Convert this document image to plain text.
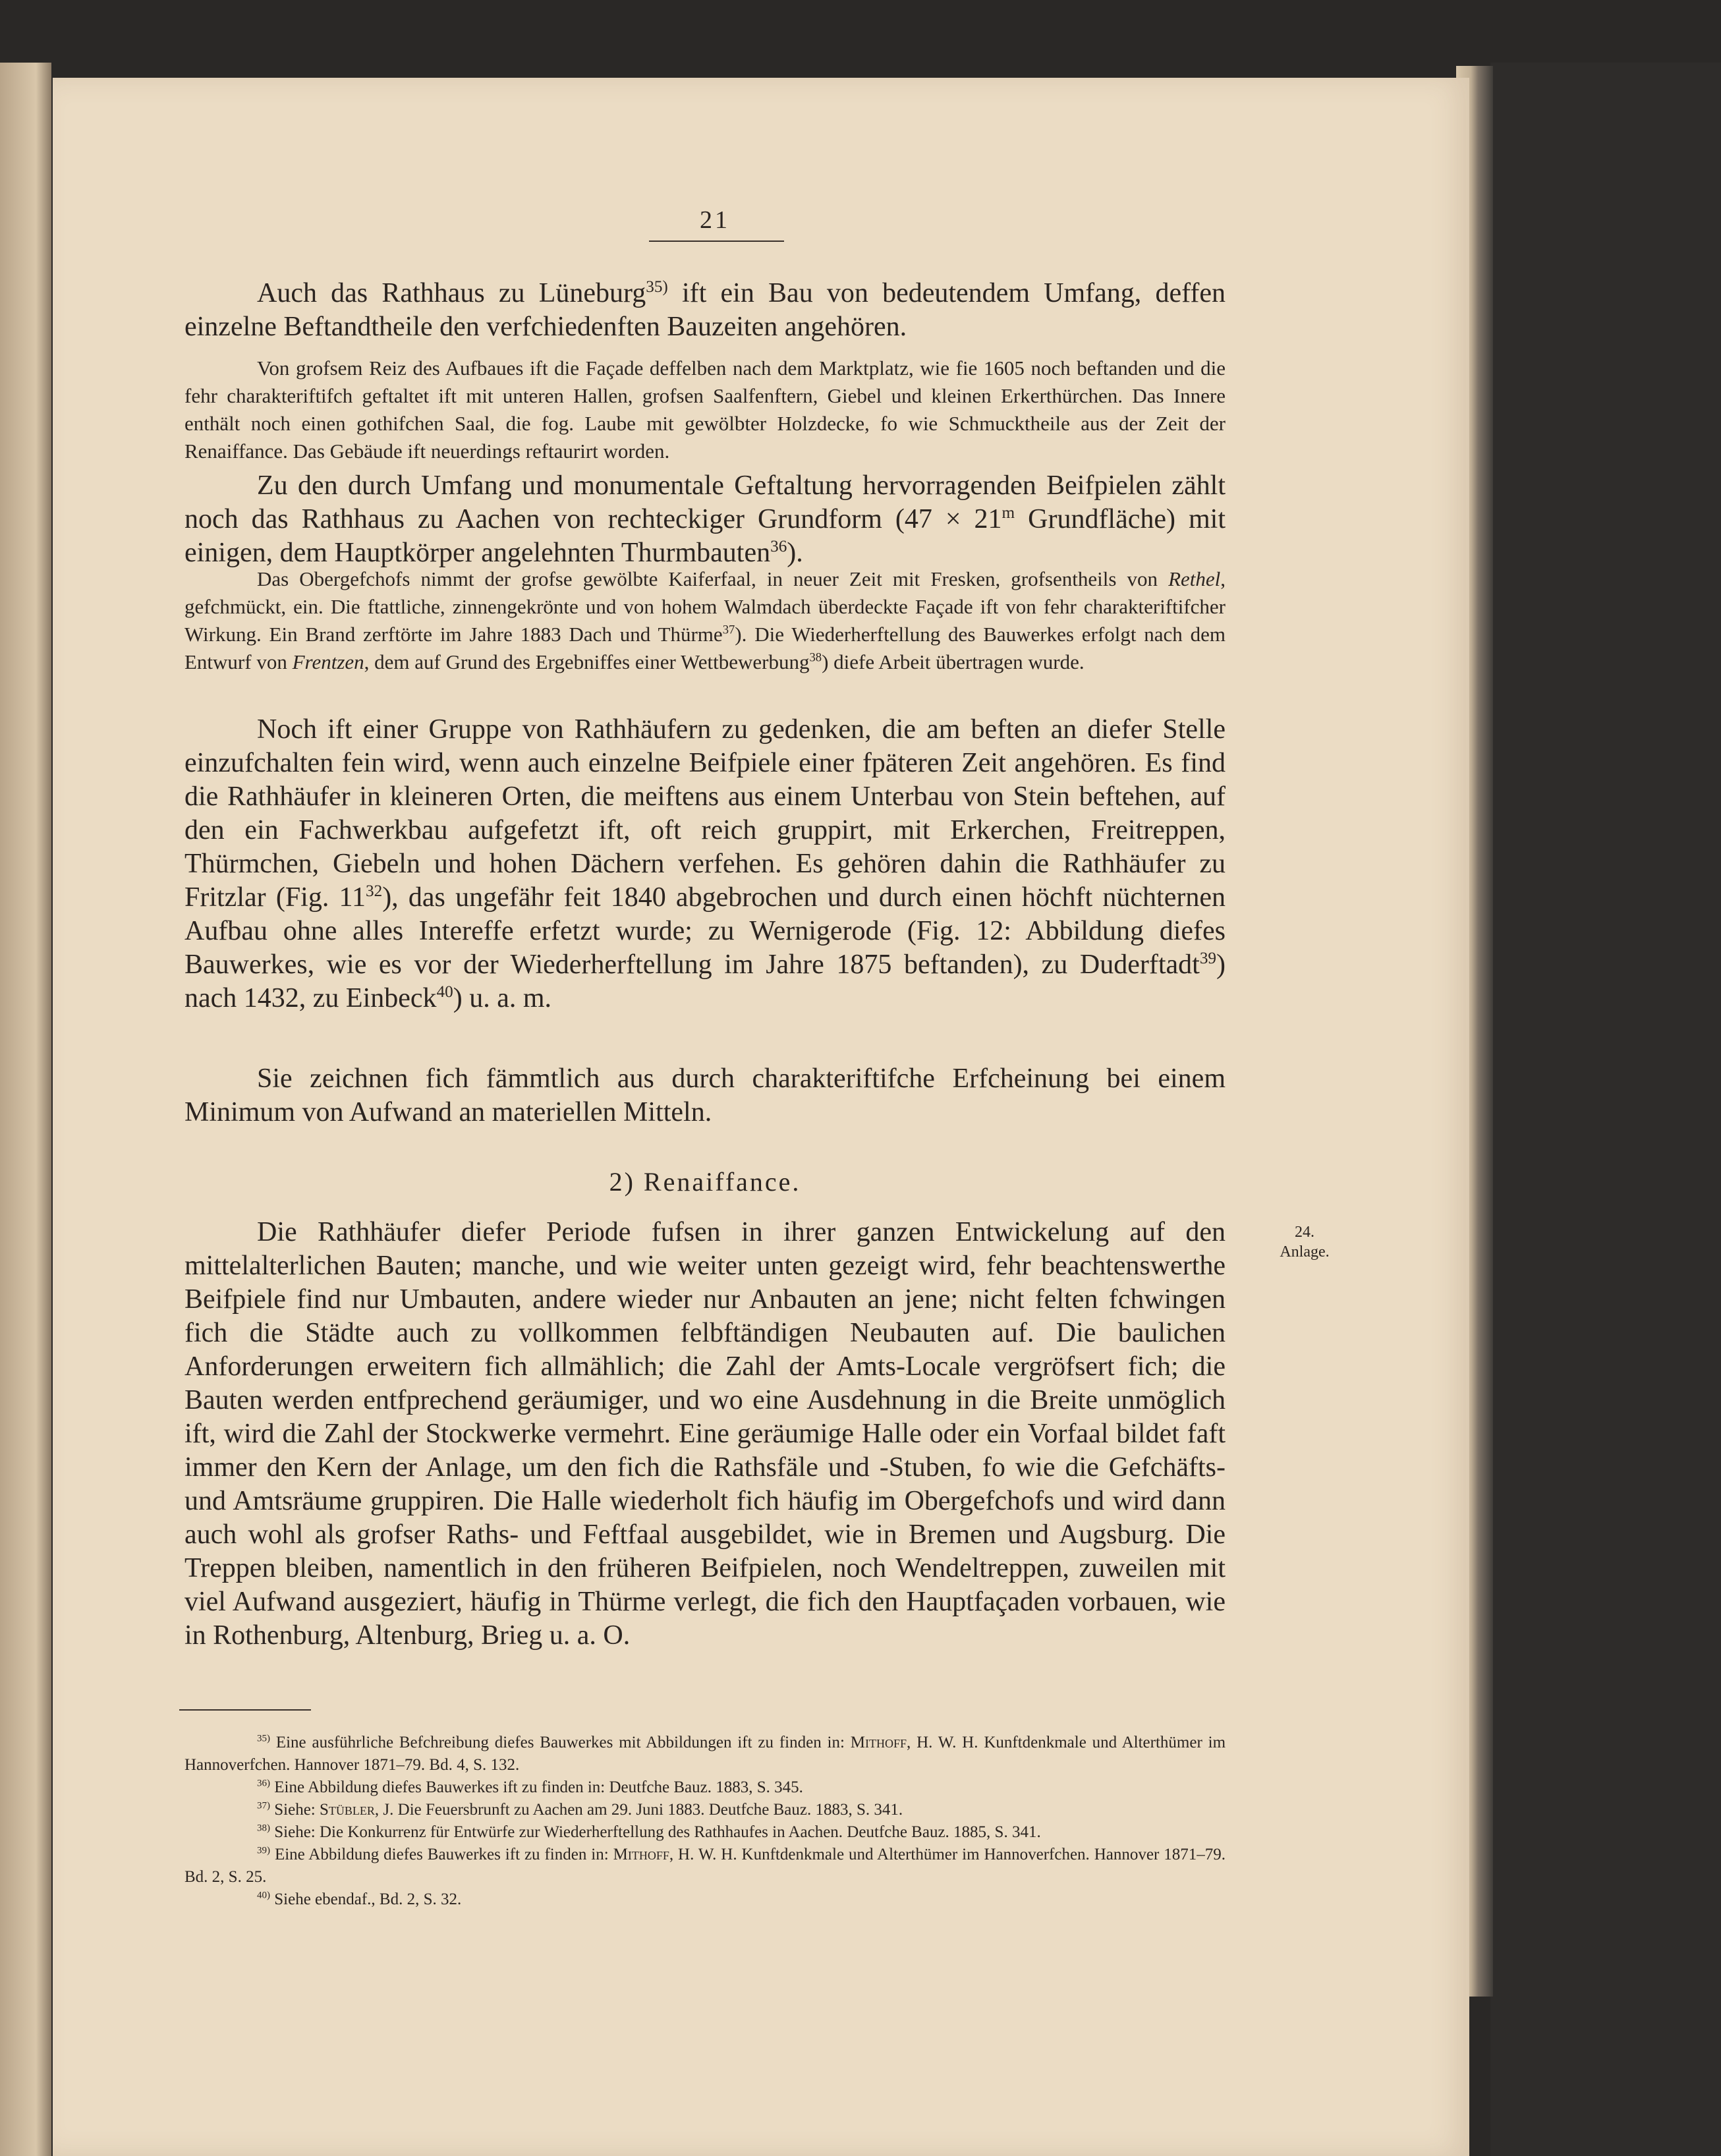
21

Auch das Rathhaus zu Lüneburg$^{35)}$ ift ein Bau von bedeutendem Umfang, deffen einzelne Beftandtheile den verfchiedenften Bauzeiten angehören.

Von grofsem Reiz des Aufbaues ift die Façade deffelben nach dem Marktplatz, wie fie 1605 noch beftanden und die fehr charakteriftifch geftaltet ift mit unteren Hallen, grofsen Saalfenftern, Giebel und kleinen Erkerthürchen. Das Innere enthält noch einen gothifchen Saal, die fog. Laube mit gewölbter Holzdecke, fo wie Schmucktheile aus der Zeit der Renaiffance. Das Gebäude ift neuerdings reftaurirt worden.

Zu den durch Umfang und monumentale Geftaltung hervorragenden Beifpielen zählt noch das Rathhaus zu Aachen von rechteckiger Grundform ($47 \times 21^m$ Grundfläche) mit einigen, dem Hauptkörper angelehnten Thurmbauten$^{36}$).

Das Obergefchofs nimmt der grofse gewölbte Kaiferfaal, in neuer Zeit mit Fresken, grofsentheils von Rethel, gefchmückt, ein. Die ftattliche, zinnengekrönte und von hohem Walmdach überdeckte Façade ift von fehr charakteriftifcher Wirkung. Ein Brand zerftörte im Jahre 1883 Dach und Thürme$^{37}$). Die Wiederherftellung des Bauwerkes erfolgt nach dem Entwurf von Frentzen, dem auf Grund des Ergebniffes einer Wettbewerbung$^{38}$) diefe Arbeit übertragen wurde.

Noch ift einer Gruppe von Rathhäufern zu gedenken, die am beften an diefer Stelle einzufchalten fein wird, wenn auch einzelne Beifpiele einer fpäteren Zeit angehören. Es find die Rathhäufer in kleineren Orten, die meiftens aus einem Unterbau von Stein beftehen, auf den ein Fachwerkbau aufgefetzt ift, oft reich gruppirt, mit Erkerchen, Freitreppen, Thürmchen, Giebeln und hohen Dächern verfehen. Es gehören dahin die Rathhäufer zu Fritzlar (Fig. $11^{32}$), das ungefähr feit 1840 abgebrochen und durch einen höchft nüchternen Aufbau ohne alles Intereffe erfetzt wurde; zu Wernigerode (Fig. 12: Abbildung diefes Bauwerkes, wie es vor der Wiederherftellung im Jahre 1875 beftanden), zu Duderftadt$^{39}$) nach 1432, zu Einbeck$^{40}$) u. a. m.

Sie zeichnen fich fämmtlich aus durch charakteriftifche Erfcheinung bei einem Minimum von Aufwand an materiellen Mitteln.

2) Renaiffance.
24.
Anlage.

Die Rathhäufer diefer Periode fufsen in ihrer ganzen Entwickelung auf den mittelalterlichen Bauten; manche, und wie weiter unten gezeigt wird, fehr beachtenswerthe Beifpiele find nur Umbauten, andere wieder nur Anbauten an jene; nicht felten fchwingen fich die Städte auch zu vollkommen felbftändigen Neubauten auf. Die baulichen Anforderungen erweitern fich allmählich; die Zahl der Amts-Locale vergröfsert fich; die Bauten werden entfprechend geräumiger, und wo eine Ausdehnung in die Breite unmöglich ift, wird die Zahl der Stockwerke vermehrt. Eine geräumige Halle oder ein Vorfaal bildet faft immer den Kern der Anlage, um den fich die Rathsfäle und -Stuben, fo wie die Gefchäfts- und Amtsräume gruppiren. Die Halle wiederholt fich häufig im Obergefchofs und wird dann auch wohl als grofser Raths- und Feftfaal ausgebildet, wie in Bremen und Augsburg. Die Treppen bleiben, namentlich in den früheren Beifpielen, noch Wendeltreppen, zuweilen mit viel Aufwand ausgeziert, häufig in Thürme verlegt, die fich den Hauptfaçaden vorbauen, wie in Rothenburg, Altenburg, Brieg u. a. O.

$^{35)}$ Eine ausführliche Befchreibung diefes Bauwerkes mit Abbildungen ift zu finden in: Mithoff, H. W. H. Kunftdenkmale und Alterthümer im Hannoverfchen. Hannover 1871–79. Bd. 4, S. 132.

$^{36)}$ Eine Abbildung diefes Bauwerkes ift zu finden in: Deutfche Bauz. 1883, S. 345.

$^{37)}$ Siehe: Stübler, J. Die Feuersbrunft zu Aachen am 29. Juni 1883. Deutfche Bauz. 1883, S. 341.

$^{38)}$ Siehe: Die Konkurrenz für Entwürfe zur Wiederherftellung des Rathhaufes in Aachen. Deutfche Bauz. 1885, S. 341.

$^{39)}$ Eine Abbildung diefes Bauwerkes ift zu finden in: Mithoff, H. W. H. Kunftdenkmale und Alterthümer im Hannoverfchen. Hannover 1871–79. Bd. 2, S. 25.

$^{40)}$ Siehe ebendaf., Bd. 2, S. 32.
